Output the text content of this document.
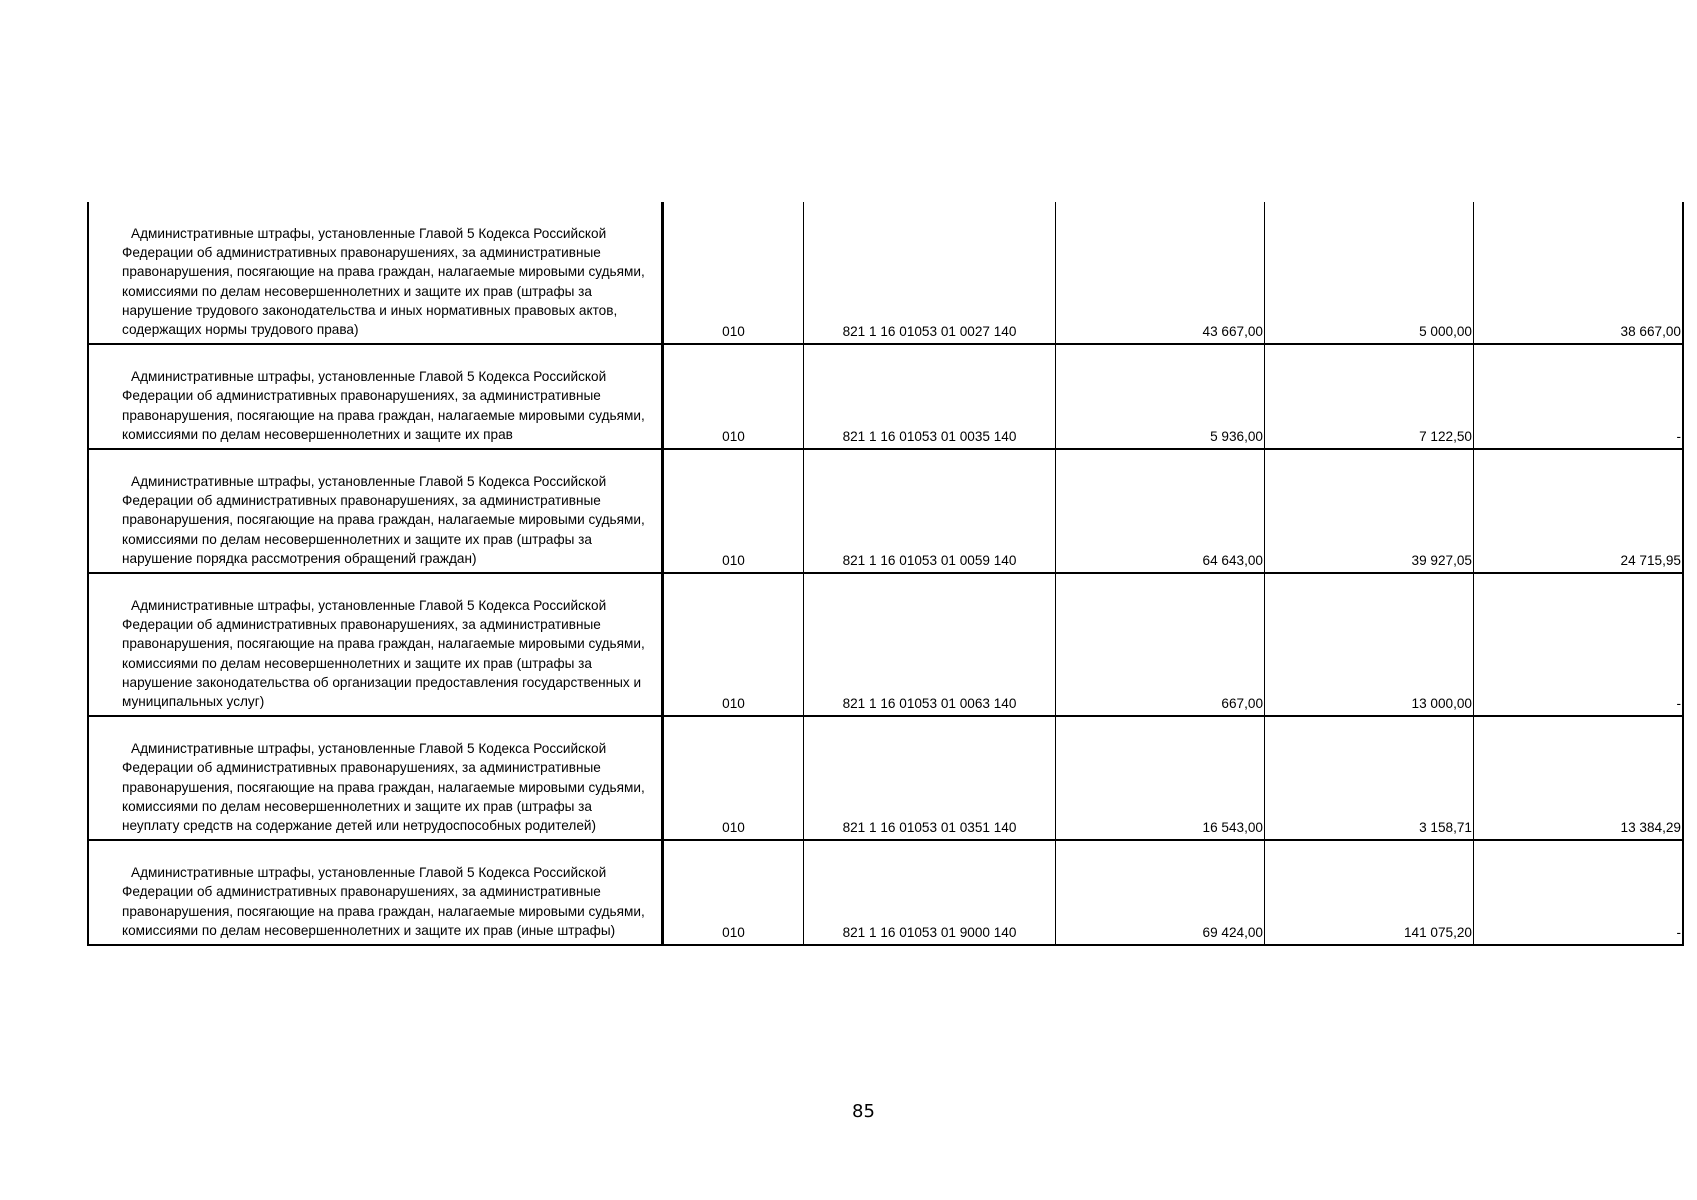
Административные штрафы, установленные Главой 5 Кодекса Российской Федерации об административных правонарушениях, за административные правонарушения, посягающие на права граждан, налагаемые мировыми судьями, комиссиями по делам несовершеннолетних и защите их прав (штрафы за нарушение трудового законодательства и иных нормативных правовых актов, содержащих нормы трудового права)	010	821 1 16 01053 01 0027 140	43 667,00	5 000,00	38 667,00

Административные штрафы, установленные Главой 5 Кодекса Российской Федерации об административных правонарушениях, за административные правонарушения, посягающие на права граждан, налагаемые мировыми судьями, комиссиями по делам несовершеннолетних и защите их прав	010	821 1 16 01053 01 0035 140	5 936,00	7 122,50	-

Административные штрафы, установленные Главой 5 Кодекса Российской Федерации об административных правонарушениях, за административные правонарушения, посягающие на права граждан, налагаемые мировыми судьями, комиссиями по делам несовершеннолетних и защите их прав (штрафы за нарушение порядка рассмотрения обращений граждан)	010	821 1 16 01053 01 0059 140	64 643,00	39 927,05	24 715,95

Административные штрафы, установленные Главой 5 Кодекса Российской Федерации об административных правонарушениях, за административные правонарушения, посягающие на права граждан, налагаемые мировыми судьями, комиссиями по делам несовершеннолетних и защите их прав (штрафы за нарушение законодательства об организации предоставления государственных и муниципальных услуг)	010	821 1 16 01053 01 0063 140	667,00	13 000,00	-

Административные штрафы, установленные Главой 5 Кодекса Российской Федерации об административных правонарушениях, за административные правонарушения, посягающие на права граждан, налагаемые мировыми судьями, комиссиями по делам несовершеннолетних и защите их прав (штрафы за неуплату средств на содержание детей или нетрудоспособных родителей)	010	821 1 16 01053 01 0351 140	16 543,00	3 158,71	13 384,29

Административные штрафы, установленные Главой 5 Кодекса Российской Федерации об административных правонарушениях, за административные правонарушения, посягающие на права граждан, налагаемые мировыми судьями, комиссиями по делам несовершеннолетних и защите их прав (иные штрафы)	010	821 1 16 01053 01 9000 140	69 424,00	141 075,20	-
85
